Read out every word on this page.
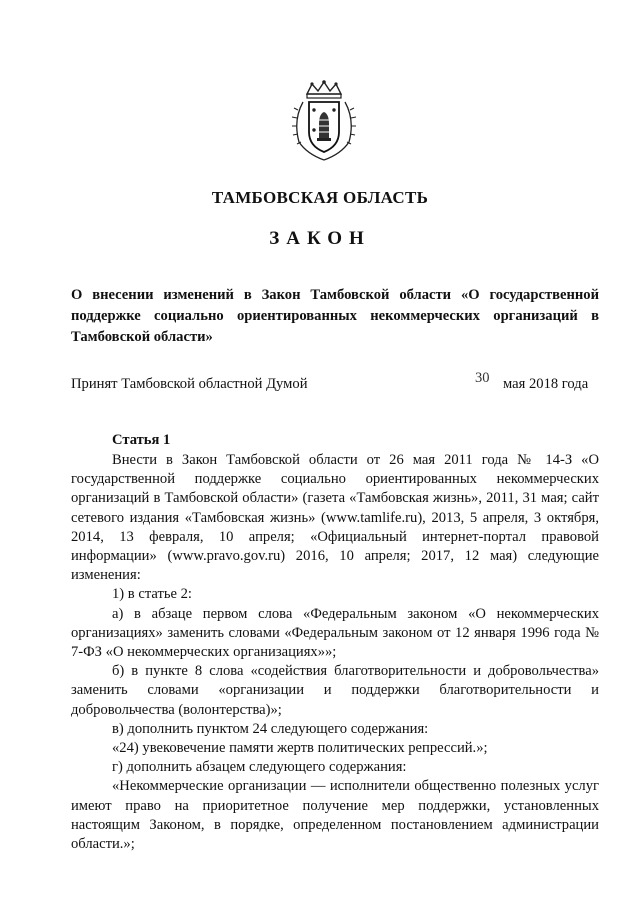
ТАМБОВСКАЯ ОБЛАСТЬ
ЗАКОН
О внесении изменений в Закон Тамбовской области «О государственной поддержке социально ориентированных некоммерческих организаций в Тамбовской области»
Принят Тамбовской областной Думой	30 мая 2018 года
Статья 1

Внести в Закон Тамбовской области от 26 мая 2011 года № 14-З «О государственной поддержке социально ориентированных некоммерческих организаций в Тамбовской области» (газета «Тамбовская жизнь», 2011, 31 мая; сайт сетевого издания «Тамбовская жизнь» (www.tamlife.ru), 2013, 5 апреля, 3 октября, 2014, 13 февраля, 10 апреля; «Официальный интернет-портал правовой информации» (www.pravo.gov.ru) 2016, 10 апреля; 2017, 12 мая) следующие изменения:

1) в статье 2:

а) в абзаце первом слова «Федеральным законом «О некоммерческих организациях» заменить словами «Федеральным законом от 12 января 1996 года № 7-ФЗ «О некоммерческих организациях»»;

б) в пункте 8 слова «содействия благотворительности и добровольчества» заменить словами «организации и поддержки благотворительности и добровольчества (волонтерства)»;

в) дополнить пунктом 24 следующего содержания:

«24) увековечение памяти жертв политических репрессий.»;

г) дополнить абзацем следующего содержания:

«Некоммерческие организации — исполнители общественно полезных услуг имеют право на приоритетное получение мер поддержки, установленных настоящим Законом, в порядке, определенном постановлением администрации области.»;
